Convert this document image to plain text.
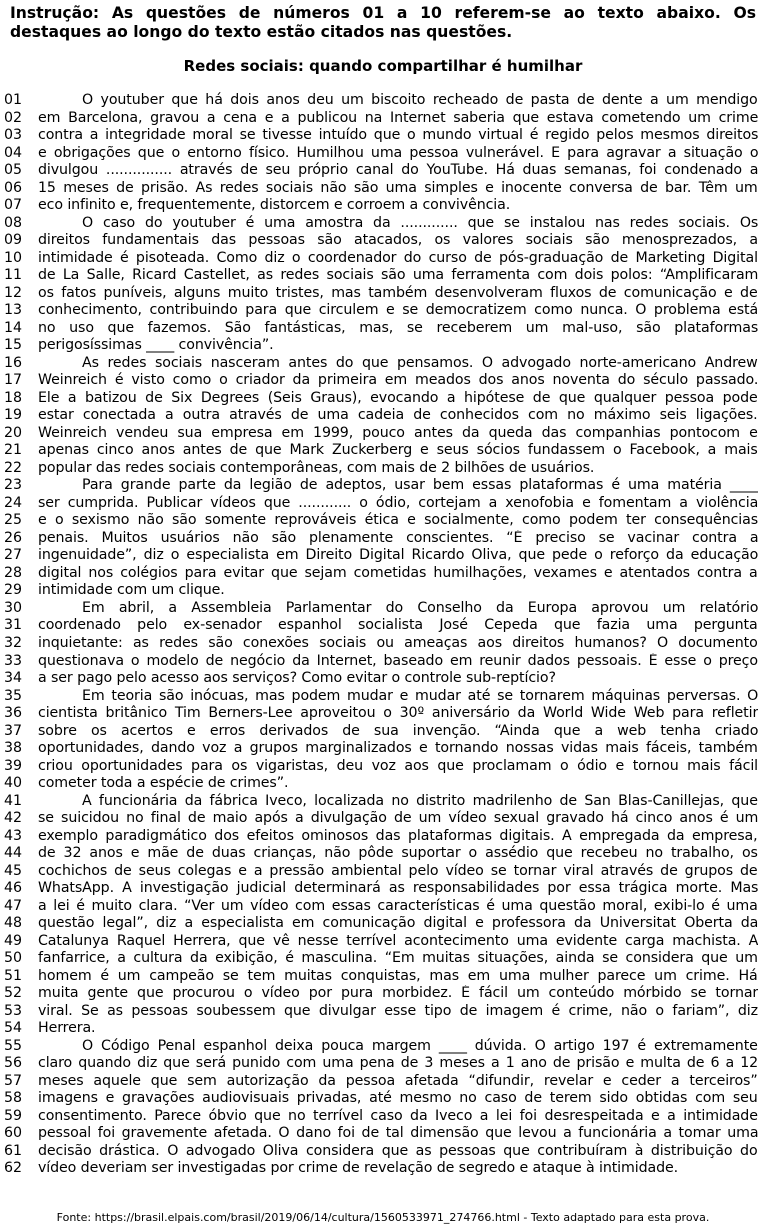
Instrução: As questões de números 01 a 10 referem-se ao texto abaixo. Os destaques ao longo do texto estão citados nas questões.
Redes sociais: quando compartilhar é humilhar
01	O youtuber que há dois anos deu um biscoito recheado de pasta de dente a um mendigo
02	em Barcelona, gravou a cena e a publicou na Internet saberia que estava cometendo um crime
03	contra a integridade moral se tivesse intuído que o mundo virtual é regido pelos mesmos direitos
04	e obrigações que o entorno físico. Humilhou uma pessoa vulnerável. E para agravar a situação o
05	divulgou ............... através de seu próprio canal do YouTube. Há duas semanas, foi condenado a
06	15 meses de prisão. As redes sociais não são uma simples e inocente conversa de bar. Têm um
07	eco infinito e, frequentemente, distorcem e corroem a convivência.
08	O caso do youtuber é uma amostra da ............. que se instalou nas redes sociais. Os
09	direitos fundamentais das pessoas são atacados, os valores sociais são menosprezados, a
10	intimidade é pisoteada. Como diz o coordenador do curso de pós-graduação de Marketing Digital
11	de La Salle, Ricard Castellet, as redes sociais são uma ferramenta com dois polos: “Amplificaram
12	os fatos puníveis, alguns muito tristes, mas também desenvolveram fluxos de comunicação e de
13	conhecimento, contribuindo para que circulem e se democratizem como nunca. O problema está
14	no uso que fazemos. São fantásticas, mas, se receberem um mal-uso, são plataformas
15	perigosíssimas ____ convivência”.
16	As redes sociais nasceram antes do que pensamos. O advogado norte-americano Andrew
17	Weinreich é visto como o criador da primeira em meados dos anos noventa do século passado.
18	Ele a batizou de Six Degrees (Seis Graus), evocando a hipótese de que qualquer pessoa pode
19	estar conectada a outra através de uma cadeia de conhecidos com no máximo seis ligações.
20	Weinreich vendeu sua empresa em 1999, pouco antes da queda das companhias pontocom e
21	apenas cinco anos antes de que Mark Zuckerberg e seus sócios fundassem o Facebook, a mais
22	popular das redes sociais contemporâneas, com mais de 2 bilhões de usuários.
23	Para grande parte da legião de adeptos, usar bem essas plataformas é uma matéria ____
24	ser cumprida. Publicar vídeos que ............ o ódio, cortejam a xenofobia e fomentam a violência
25	e o sexismo não são somente reprováveis ética e socialmente, como podem ter consequências
26	penais. Muitos usuários não são plenamente conscientes. “É preciso se vacinar contra a
27	ingenuidade”, diz o especialista em Direito Digital Ricardo Oliva, que pede o reforço da educação
28	digital nos colégios para evitar que sejam cometidas humilhações, vexames e atentados contra a
29	intimidade com um clique.
30	Em abril, a Assembleia Parlamentar do Conselho da Europa aprovou um relatório
31	coordenado pelo ex-senador espanhol socialista José Cepeda que fazia uma pergunta
32	inquietante: as redes são conexões sociais ou ameaças aos direitos humanos? O documento
33	questionava o modelo de negócio da Internet, baseado em reunir dados pessoais. É esse o preço
34	a ser pago pelo acesso aos serviços? Como evitar o controle sub-reptício?
35	Em teoria são inócuas, mas podem mudar e mudar até se tornarem máquinas perversas. O
36	cientista britânico Tim Berners-Lee aproveitou o 30º aniversário da World Wide Web para refletir
37	sobre os acertos e erros derivados de sua invenção. “Ainda que a web tenha criado
38	oportunidades, dando voz a grupos marginalizados e tornando nossas vidas mais fáceis, também
39	criou oportunidades para os vigaristas, deu voz aos que proclamam o ódio e tornou mais fácil
40	cometer toda a espécie de crimes”.
41	A funcionária da fábrica Iveco, localizada no distrito madrilenho de San Blas-Canillejas, que
42	se suicidou no final de maio após a divulgação de um vídeo sexual gravado há cinco anos é um
43	exemplo paradigmático dos efeitos ominosos das plataformas digitais. A empregada da empresa,
44	de 32 anos e mãe de duas crianças, não pôde suportar o assédio que recebeu no trabalho, os
45	cochichos de seus colegas e a pressão ambiental pelo vídeo se tornar viral através de grupos de
46	WhatsApp. A investigação judicial determinará as responsabilidades por essa trágica morte. Mas
47	a lei é muito clara. “Ver um vídeo com essas características é uma questão moral, exibi-lo é uma
48	questão legal”, diz a especialista em comunicação digital e professora da Universitat Oberta da
49	Catalunya Raquel Herrera, que vê nesse terrível acontecimento uma evidente carga machista. A
50	fanfarrice, a cultura da exibição, é masculina. “Em muitas situações, ainda se considera que um
51	homem é um campeão se tem muitas conquistas, mas em uma mulher parece um crime. Há
52	muita gente que procurou o vídeo por pura morbidez. É fácil um conteúdo mórbido se tornar
53	viral. Se as pessoas soubessem que divulgar esse tipo de imagem é crime, não o fariam”, diz
54	Herrera.
55	O Código Penal espanhol deixa pouca margem ____ dúvida. O artigo 197 é extremamente
56	claro quando diz que será punido com uma pena de 3 meses a 1 ano de prisão e multa de 6 a 12
57	meses aquele que sem autorização da pessoa afetada “difundir, revelar e ceder a terceiros”
58	imagens e gravações audiovisuais privadas, até mesmo no caso de terem sido obtidas com seu
59	consentimento. Parece óbvio que no terrível caso da Iveco a lei foi desrespeitada e a intimidade
60	pessoal foi gravemente afetada. O dano foi de tal dimensão que levou a funcionária a tomar uma
61	decisão drástica. O advogado Oliva considera que as pessoas que contribuíram à distribuição do
62	vídeo deveriam ser investigadas por crime de revelação de segredo e ataque à intimidade.
Fonte: https://brasil.elpais.com/brasil/2019/06/14/cultura/1560533971_274766.html - Texto adaptado para esta prova.
